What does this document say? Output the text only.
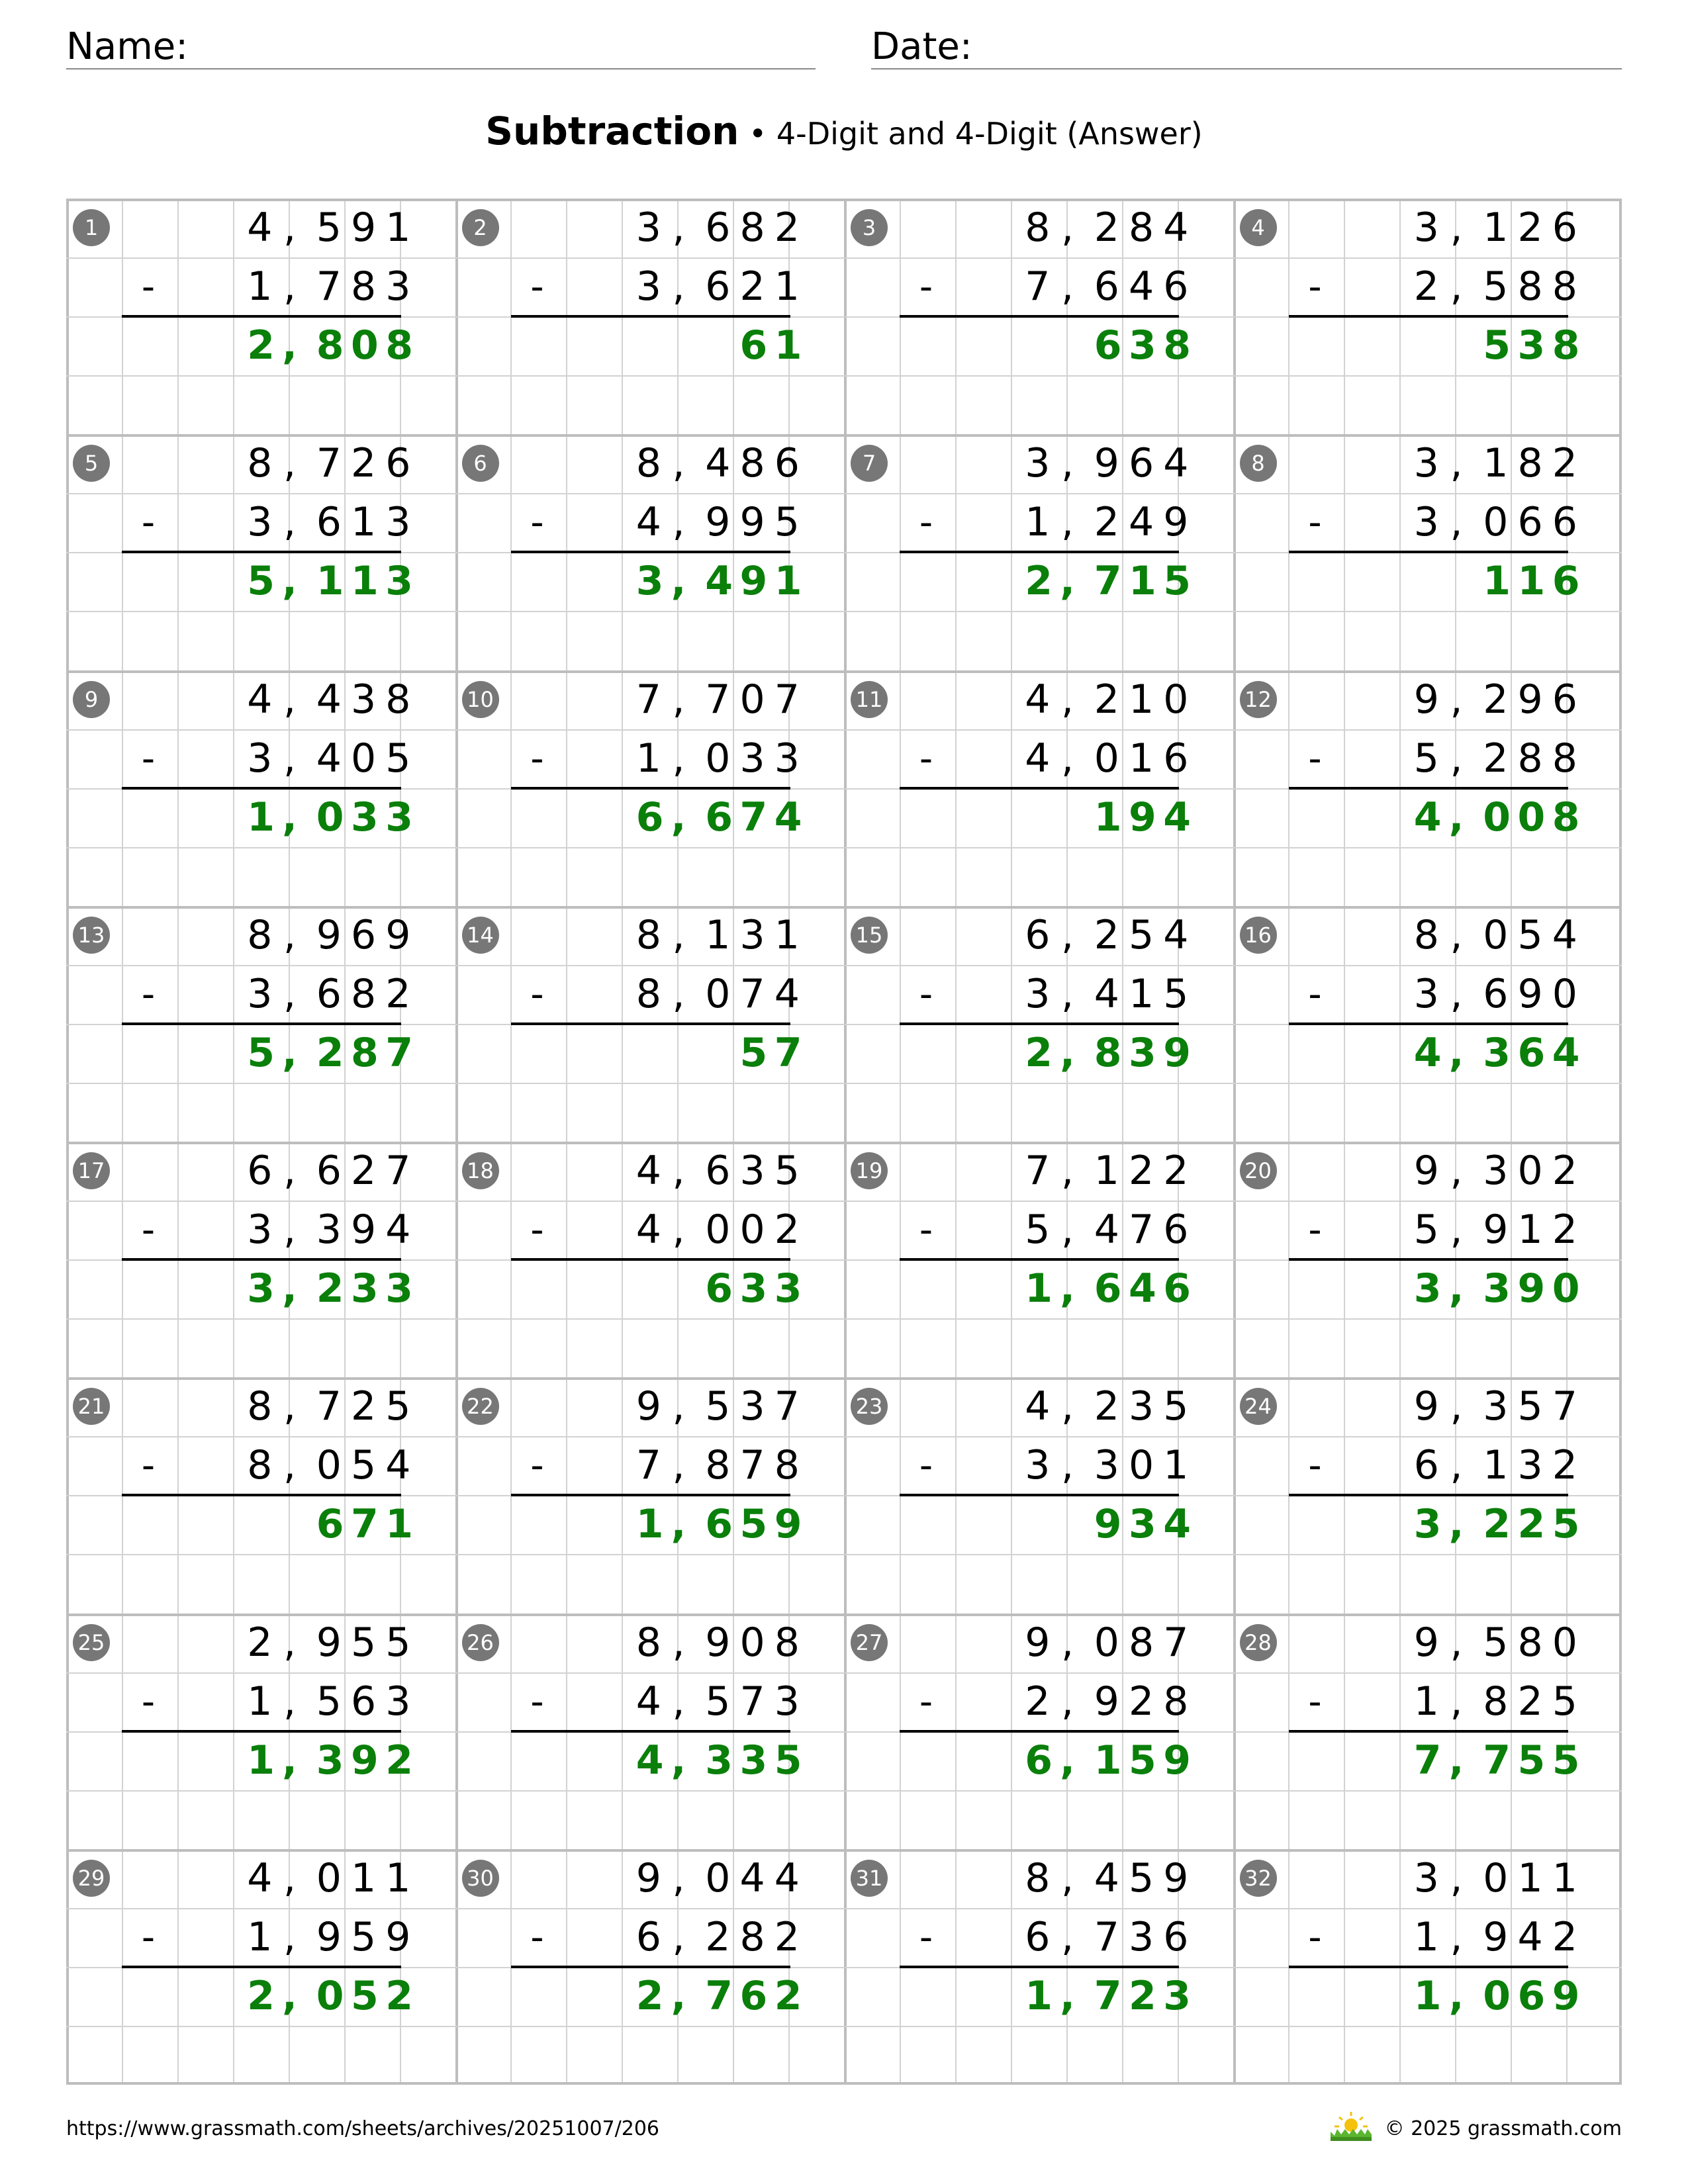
Name:	Date:
Subtraction • 4-Digit and 4-Digit (Answer)
1	4 , 5 9 1
- 1 , 7 8 3
2 , 8 0 8
2	3 , 6 8 2
- 3 , 6 2 1
6 1
3	8 , 2 8 4
- 7 , 6 4 6
6 3 8
4	3 , 1 2 6
- 2 , 5 8 8
5 3 8
5	8 , 7 2 6
- 3 , 6 1 3
5 , 1 1 3
6	8 , 4 8 6
- 4 , 9 9 5
3 , 4 9 1
7	3 , 9 6 4
- 1 , 2 4 9
2 , 7 1 5
8	3 , 1 8 2
- 3 , 0 6 6
1 1 6
9	4 , 4 3 8
- 3 , 4 0 5
1 , 0 3 3
10	7 , 7 0 7
- 1 , 0 3 3
6 , 6 7 4
11	4 , 2 1 0
- 4 , 0 1 6
1 9 4
12	9 , 2 9 6
- 5 , 2 8 8
4 , 0 0 8
13	8 , 9 6 9
- 3 , 6 8 2
5 , 2 8 7
14	8 , 1 3 1
- 8 , 0 7 4
5 7
15	6 , 2 5 4
- 3 , 4 1 5
2 , 8 3 9
16	8 , 0 5 4
- 3 , 6 9 0
4 , 3 6 4
17	6 , 6 2 7
- 3 , 3 9 4
3 , 2 3 3
18	4 , 6 3 5
- 4 , 0 0 2
6 3 3
19	7 , 1 2 2
- 5 , 4 7 6
1 , 6 4 6
20	9 , 3 0 2
- 5 , 9 1 2
3 , 3 9 0
21	8 , 7 2 5
- 8 , 0 5 4
6 7 1
22	9 , 5 3 7
- 7 , 8 7 8
1 , 6 5 9
23	4 , 2 3 5
- 3 , 3 0 1
9 3 4
24	9 , 3 5 7
- 6 , 1 3 2
3 , 2 2 5
25	2 , 9 5 5
- 1 , 5 6 3
1 , 3 9 2
26	8 , 9 0 8
- 4 , 5 7 3
4 , 3 3 5
27	9 , 0 8 7
- 2 , 9 2 8
6 , 1 5 9
28	9 , 5 8 0
- 1 , 8 2 5
7 , 7 5 5
29	4 , 0 1 1
- 1 , 9 5 9
2 , 0 5 2
30	9 , 0 4 4
- 6 , 2 8 2
2 , 7 6 2
31	8 , 4 5 9
- 6 , 7 3 6
1 , 7 2 3
32	3 , 0 1 1
- 1 , 9 4 2
1 , 0 6 9
https://www.grassmath.com/sheets/archives/20251007/206	© 2025 grassmath.com
